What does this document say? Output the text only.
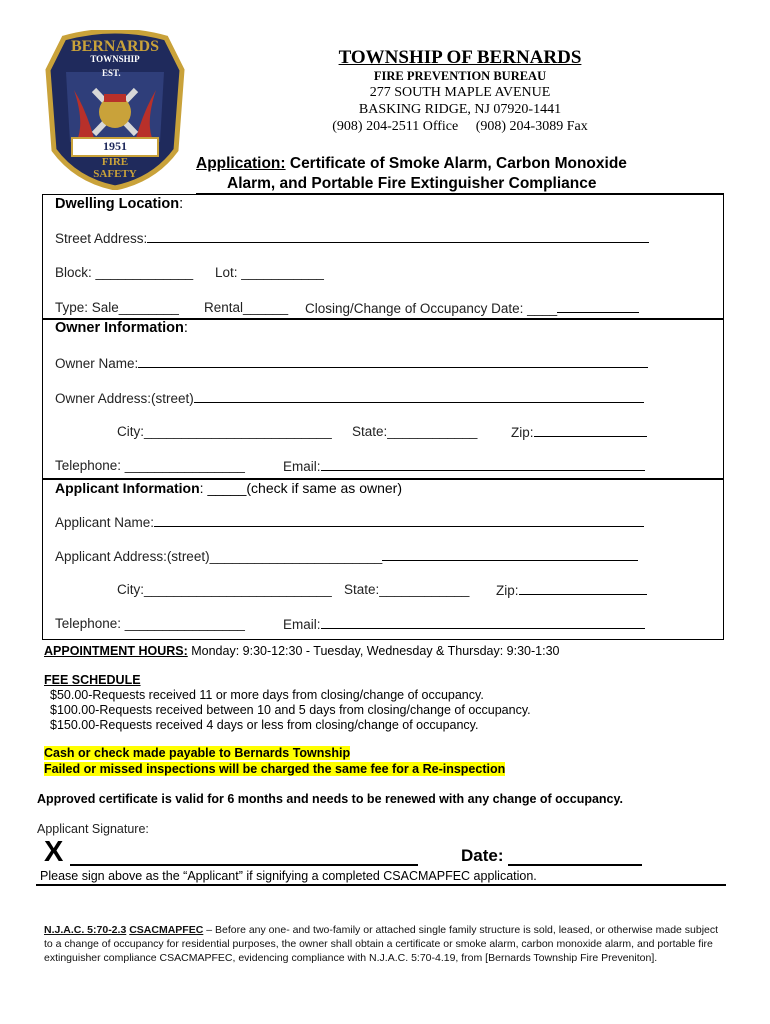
BERNARDS
TOWNSHIP
EST.
1951
FIRE
SAFETY
TOWNSHIP OF BERNARDS
FIRE PREVENTION BUREAU
277 SOUTH MAPLE AVENUE
BASKING RIDGE, NJ 07920-1441
(908) 204-2511 Office     (908) 204-3089 Fax
Application: Certificate of Smoke Alarm, Carbon Monoxide
Alarm, and Portable Fire Extinguisher Compliance
Dwelling Location:
Street Address:
Block: _____________ Lot: ___________
Type: Sale________ Rental______ Closing/Change of Occupancy Date: ____
Owner Information:
Owner Name:
Owner Address:(street)
City:_________________________ State:____________ Zip:
Telephone: ________________	Email:
Applicant Information: _____(check if same as owner)
Applicant Name:
Applicant Address:(street)_______________________
City:_________________________ State:____________ Zip:
Telephone: ________________	Email:
APPOINTMENT HOURS: Monday: 9:30-12:30 - Tuesday, Wednesday & Thursday: 9:30-1:30
FEE SCHEDULE
$50.00-Requests received 11 or more days from closing/change of occupancy.
$100.00-Requests received between 10 and 5 days from closing/change of occupancy.
$150.00-Requests received 4 days or less from closing/change of occupancy.
Cash or check made payable to Bernards Township
Failed or missed inspections will be charged the same fee for a Re-inspection
Approved certificate is valid for 6 months and needs to be renewed with any change of occupancy.
Applicant Signature:
X	Date:
Please sign above as the “Applicant” if signifying a completed CSACMAPFEC application.
N.J.A.C. 5:70-2.3 CSACMAPFEC – Before any one- and two-family or attached single family structure is sold, leased, or otherwise made subject to a change of occupancy for residential purposes, the owner shall obtain a certificate or smoke alarm, carbon monoxide alarm, and portable fire extinguisher compliance CSACMAPFEC, evidencing compliance with N.J.A.C. 5:70-4.19, from [Bernards Township Fire Preveniton].
